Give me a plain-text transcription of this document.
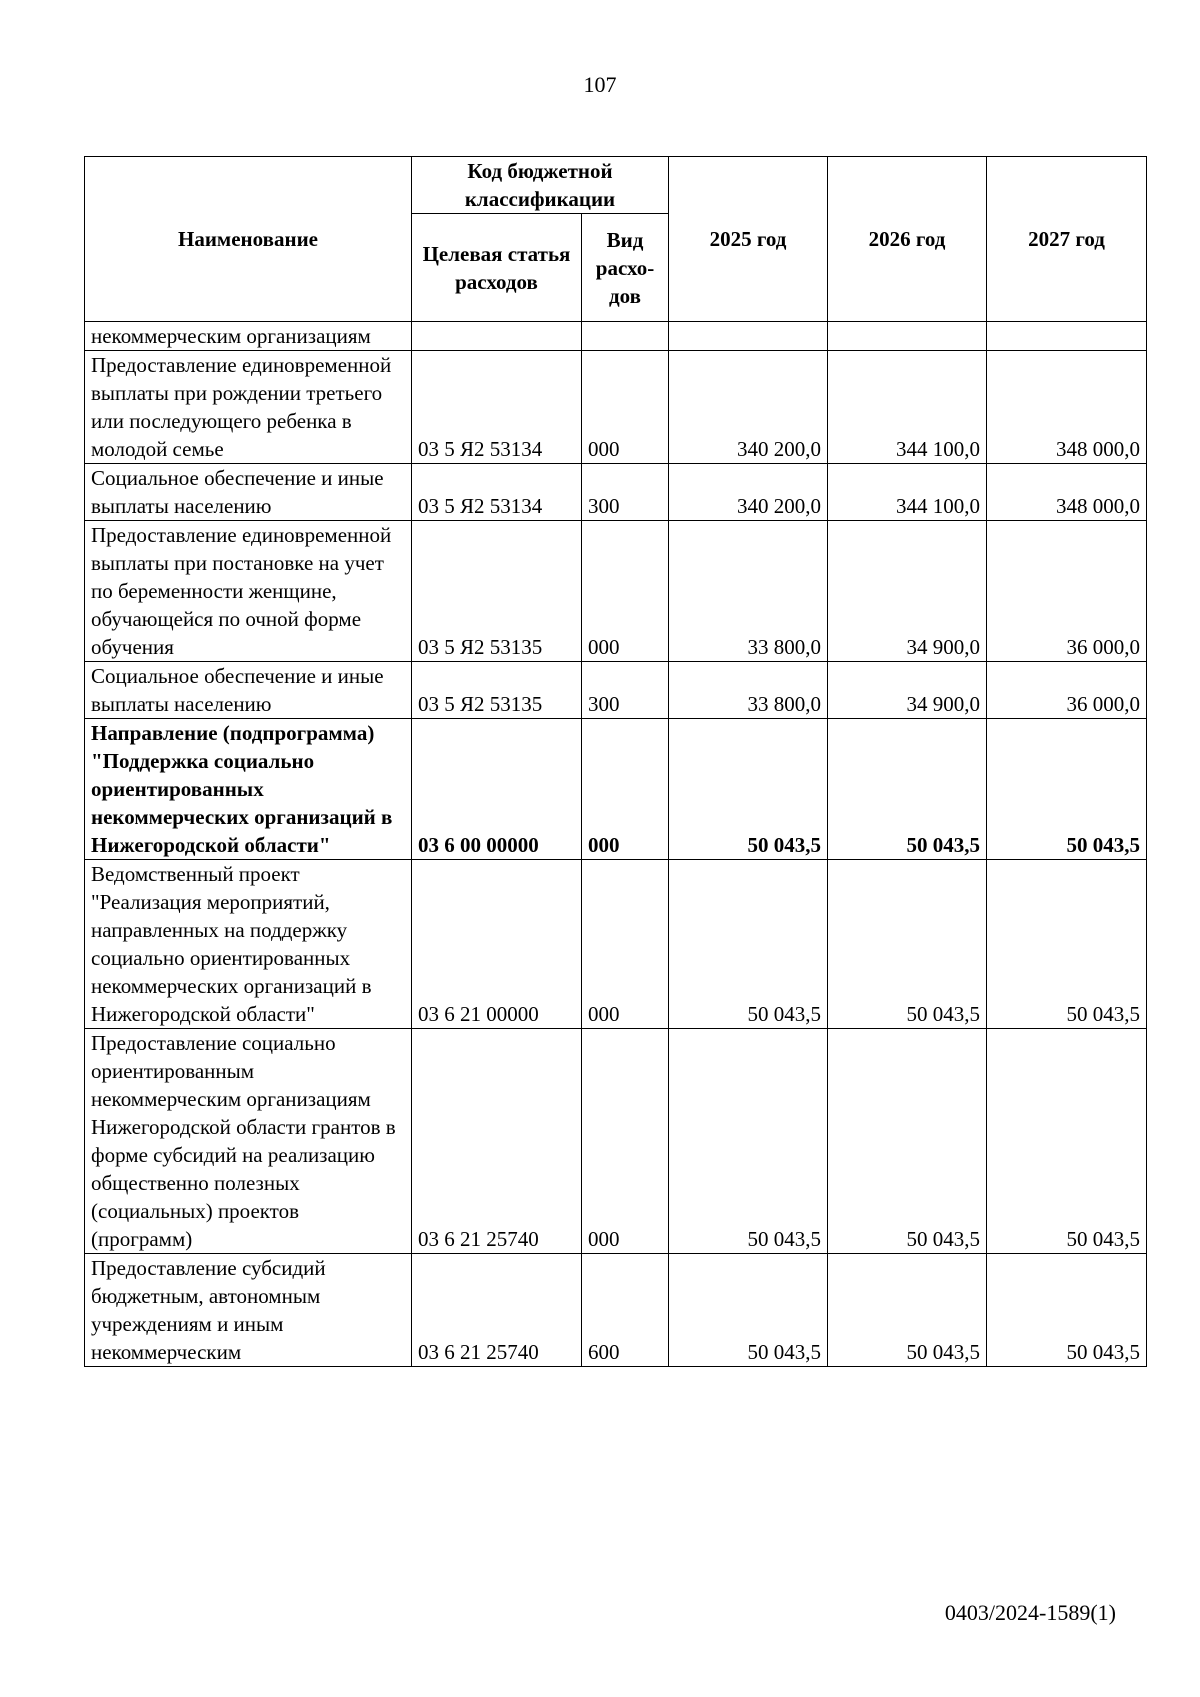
107
Наименование	Код бюджетной классификации		2025 год	2026 год	2027 год
	Целевая статья расходов	Вид расхо-дов			
некоммерческим организациям					
Предоставление единовременной выплаты при рождении третьего или последующего ребенка в молодой семье	03 5 Я2 53134	000	340 200,0	344 100,0	348 000,0
Социальное обеспечение и иные выплаты населению	03 5 Я2 53134	300	340 200,0	344 100,0	348 000,0
Предоставление единовременной выплаты при постановке на учет по беременности женщине, обучающейся по очной форме обучения	03 5 Я2 53135	000	33 800,0	34 900,0	36 000,0
Социальное обеспечение и иные выплаты населению	03 5 Я2 53135	300	33 800,0	34 900,0	36 000,0
Направление (подпрограмма) "Поддержка социально ориентированных некоммерческих организаций в Нижегородской области"	03 6 00 00000	000	50 043,5	50 043,5	50 043,5
Ведомственный проект "Реализация мероприятий, направленных на поддержку социально ориентированных некоммерческих организаций в Нижегородской области"	03 6 21 00000	000	50 043,5	50 043,5	50 043,5
Предоставление социально ориентированным некоммерческим организациям Нижегородской области грантов в форме субсидий на реализацию общественно полезных (социальных) проектов (программ)	03 6 21 25740	000	50 043,5	50 043,5	50 043,5
Предоставление субсидий бюджетным, автономным учреждениям и иным некоммерческим	03 6 21 25740	600	50 043,5	50 043,5	50 043,5
0403/2024-1589(1)
